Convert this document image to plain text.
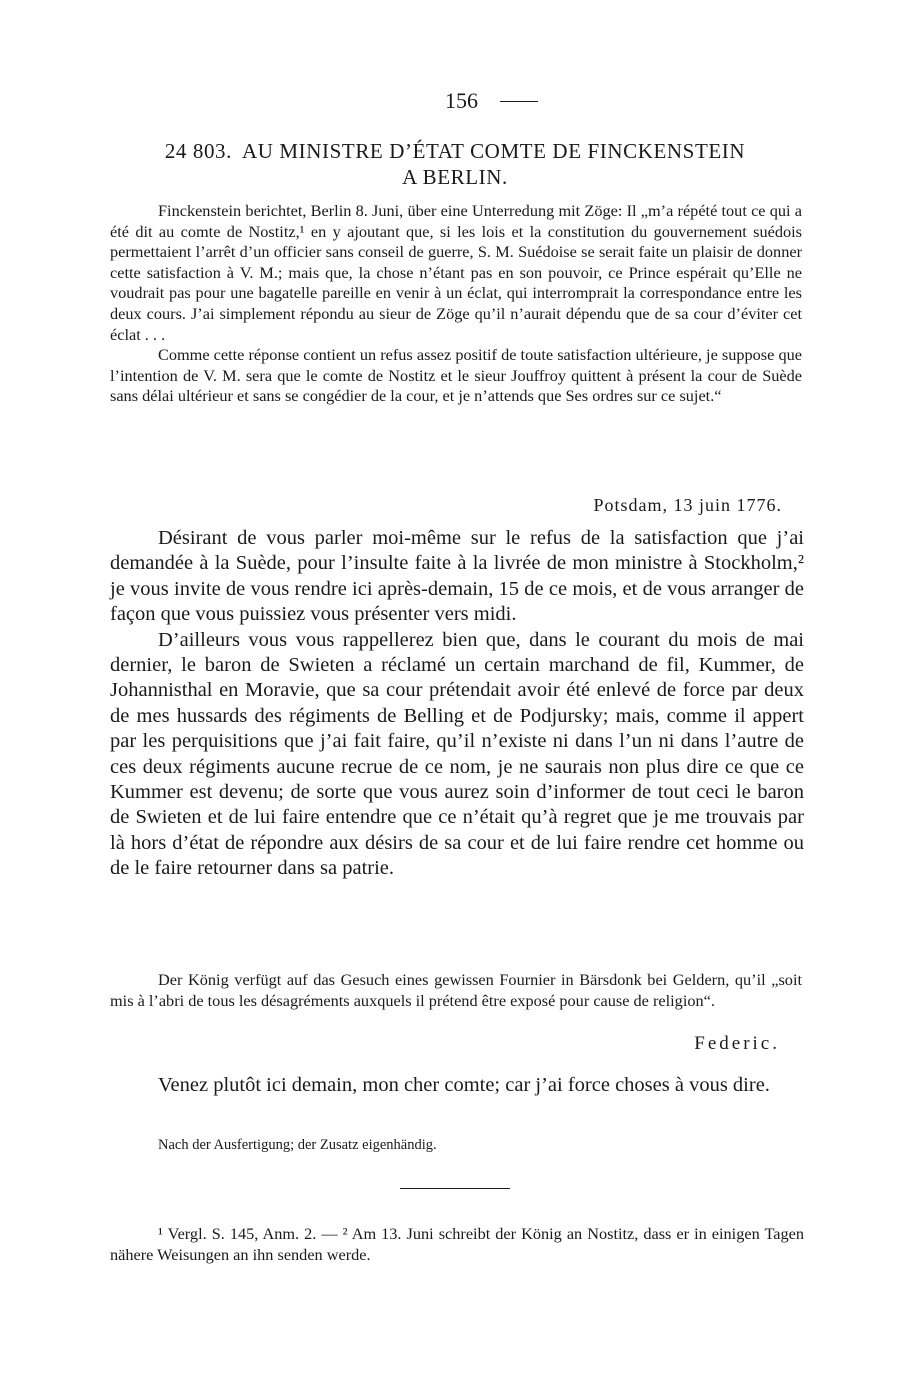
156
24 803. AU MINISTRE D’ÉTAT COMTE DE FINCKENSTEIN
A BERLIN.

Finckenstein berichtet, Berlin 8. Juni, über eine Unterredung mit Zöge: Il „m’a répété tout ce qui a été dit au comte de Nostitz,¹ en y ajoutant que, si les lois et la constitution du gouvernement suédois permettaient l’arrêt d’un officier sans conseil de guerre, S. M. Suédoise se serait faite un plaisir de donner cette satisfaction à V. M.; mais que, la chose n’étant pas en son pouvoir, ce Prince espérait qu’Elle ne voudrait pas pour une bagatelle pareille en venir à un éclat, qui interromprait la correspondance entre les deux cours. J’ai simplement répondu au sieur de Zöge qu’il n’aurait dépendu que de sa cour d’éviter cet éclat . . .

Comme cette réponse contient un refus assez positif de toute satisfaction ultérieure, je suppose que l’intention de V. M. sera que le comte de Nostitz et le sieur Jouffroy quittent à présent la cour de Suède sans délai ultérieur et sans se congédier de la cour, et je n’attends que Ses ordres sur ce sujet.“

Potsdam, 13 juin 1776.

Désirant de vous parler moi-même sur le refus de la satisfaction que j’ai demandée à la Suède, pour l’insulte faite à la livrée de mon ministre à Stockholm,² je vous invite de vous rendre ici après-demain, 15 de ce mois, et de vous arranger de façon que vous puissiez vous présenter vers midi.

D’ailleurs vous vous rappellerez bien que, dans le courant du mois de mai dernier, le baron de Swieten a réclamé un certain marchand de fil, Kummer, de Johannisthal en Moravie, que sa cour prétendait avoir été enlevé de force par deux de mes hussards des régiments de Belling et de Podjursky; mais, comme il appert par les perquisitions que j’ai fait faire, qu’il n’existe ni dans l’un ni dans l’autre de ces deux régiments aucune recrue de ce nom, je ne saurais non plus dire ce que ce Kummer est devenu; de sorte que vous aurez soin d’informer de tout ceci le baron de Swieten et de lui faire entendre que ce n’était qu’à regret que je me trouvais par là hors d’état de répondre aux désirs de sa cour et de lui faire rendre cet homme ou de le faire retourner dans sa patrie.

Der König verfügt auf das Gesuch eines gewissen Fournier in Bärsdonk bei Geldern, qu’il „soit mis à l’abri de tous les désagréments auxquels il prétend être exposé pour cause de religion“.

Federic.

Venez plutôt ici demain, mon cher comte; car j’ai force choses à vous dire.

Nach der Ausfertigung; der Zusatz eigenhändig.

¹ Vergl. S. 145, Anm. 2. — ² Am 13. Juni schreibt der König an Nostitz, dass er in einigen Tagen nähere Weisungen an ihn senden werde.
